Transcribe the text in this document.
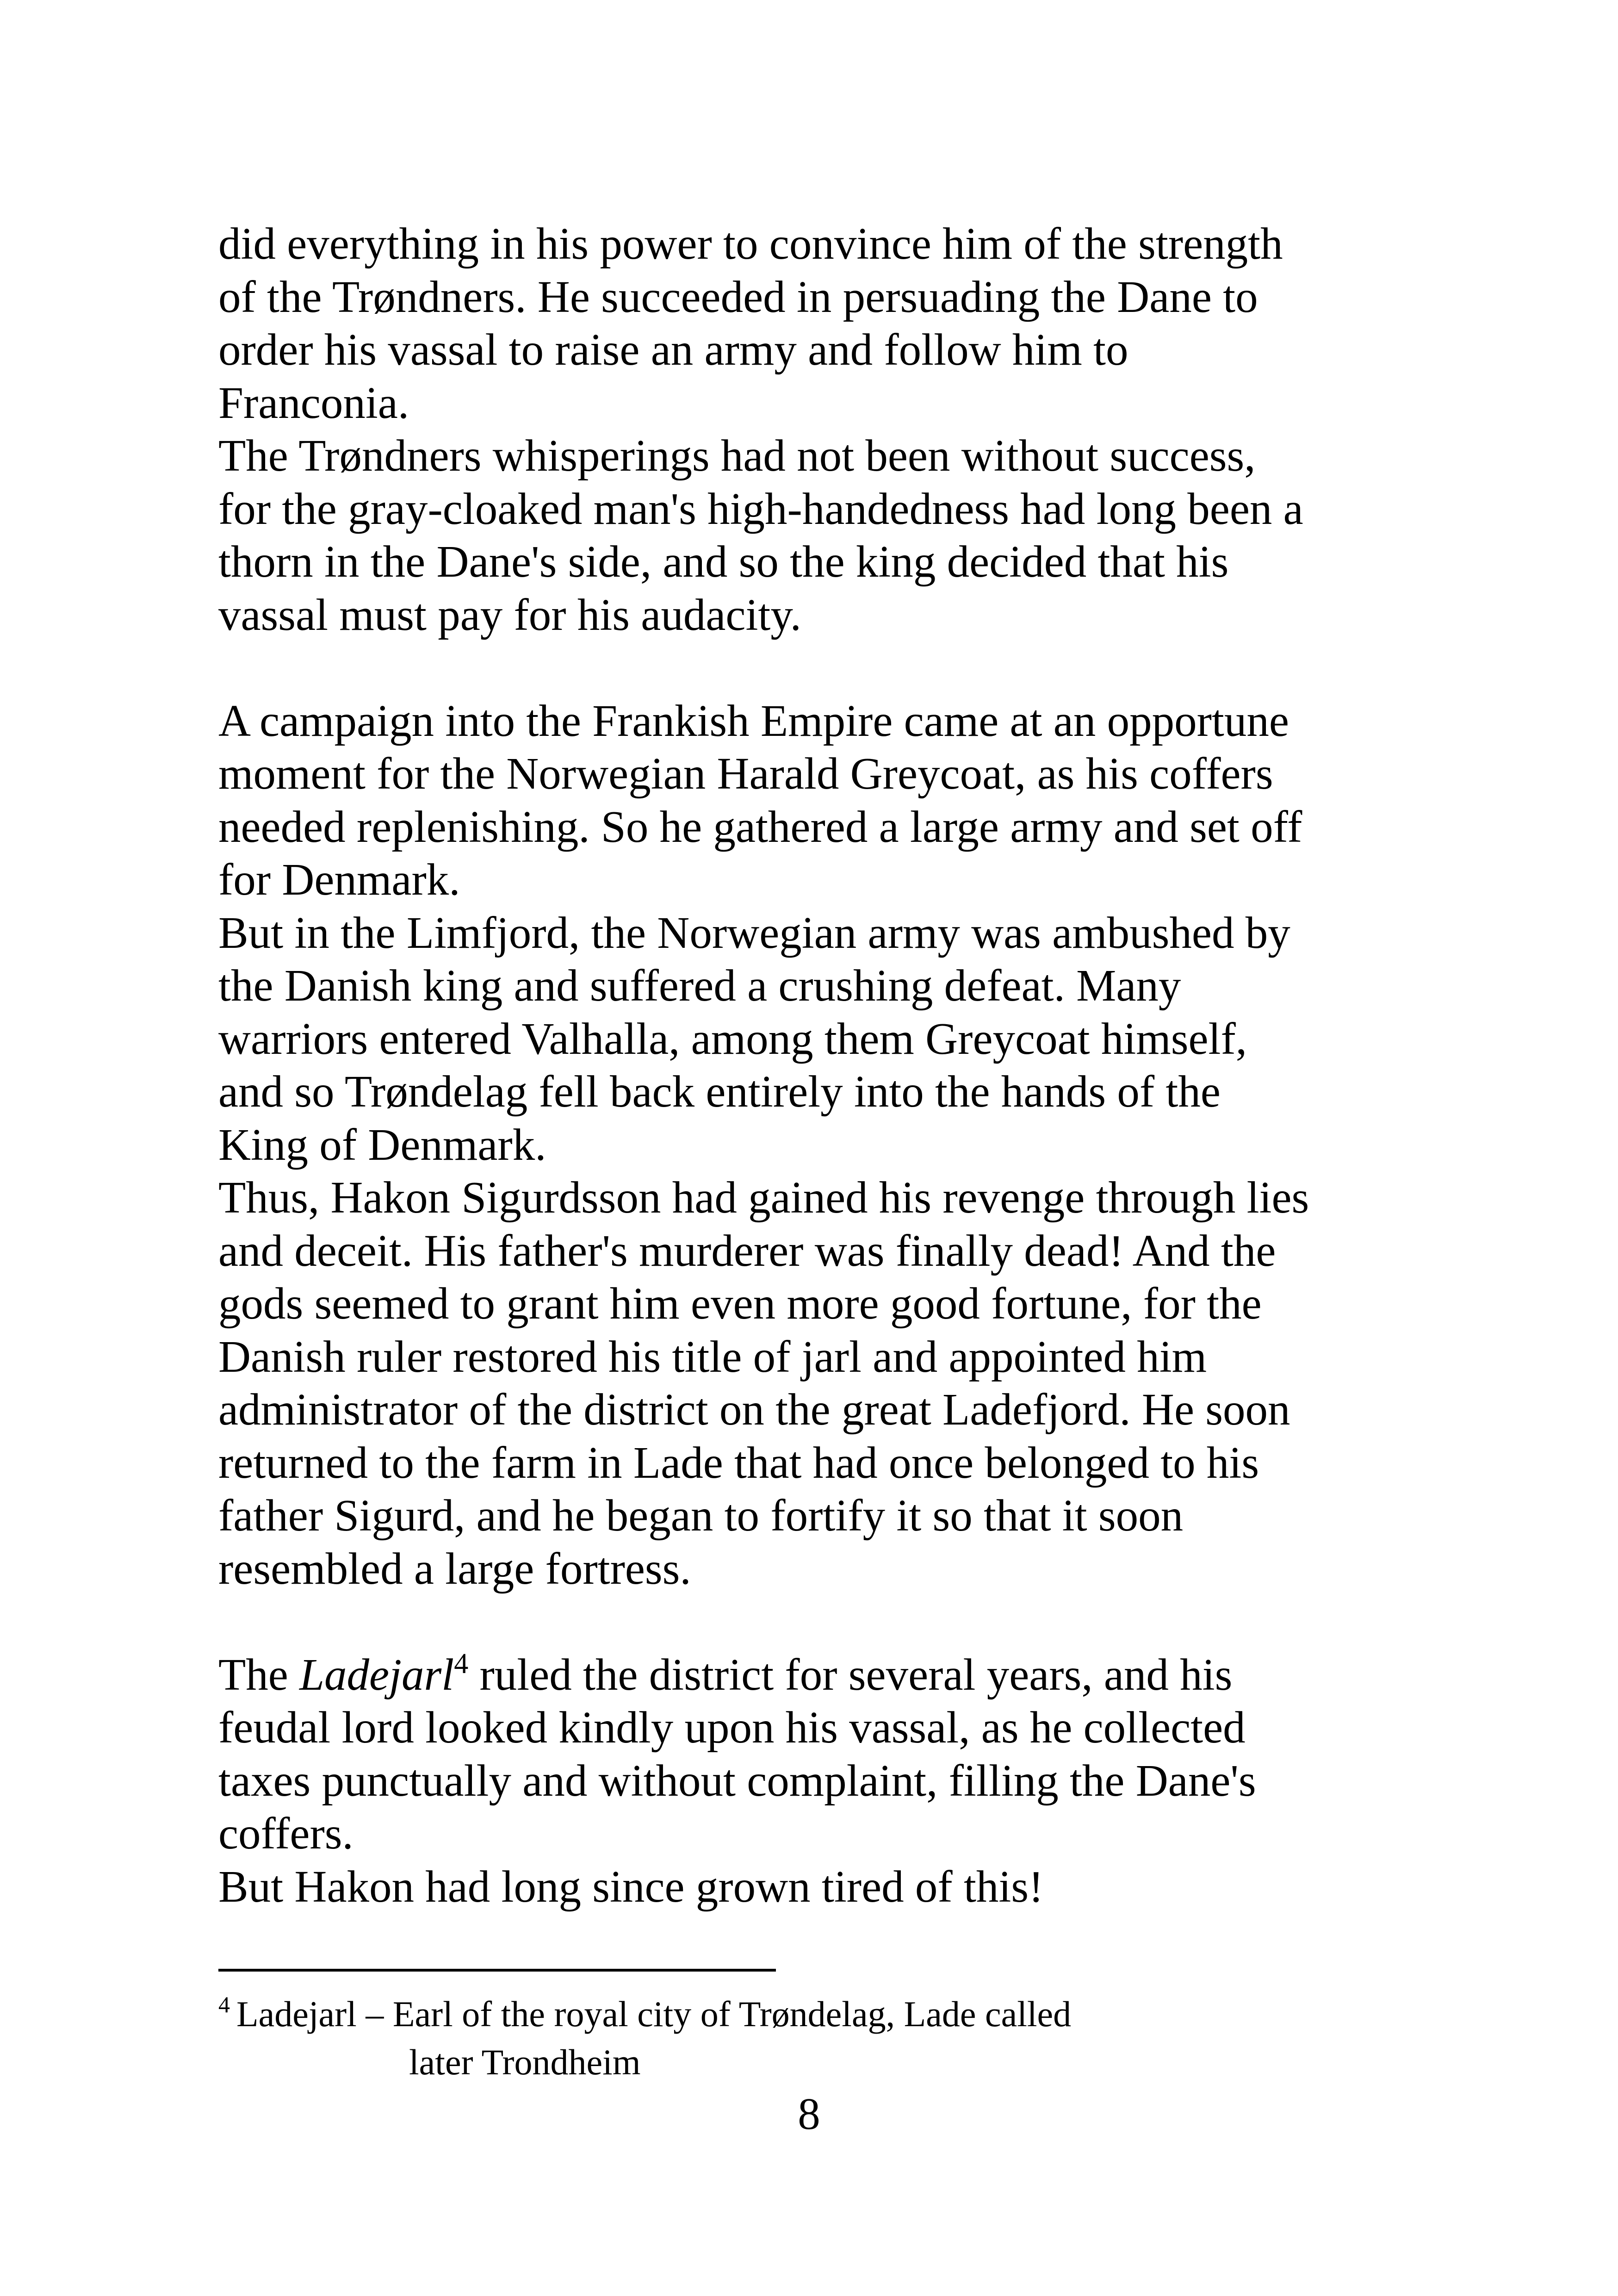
did everything in his power to convince him of the strength
of the Trøndners. He succeeded in persuading the Dane to
order his vassal to raise an army and follow him to
Franconia.
The Trøndners whisperings had not been without success,
for the gray-cloaked man's high-handedness had long been a
thorn in the Dane's side, and so the king decided that his
vassal must pay for his audacity.
A campaign into the Frankish Empire came at an opportune
moment for the Norwegian Harald Greycoat, as his coffers
needed replenishing. So he gathered a large army and set off
for Denmark.
But in the Limfjord, the Norwegian army was ambushed by
the Danish king and suffered a crushing defeat. Many
warriors entered Valhalla, among them Greycoat himself,
and so Trøndelag fell back entirely into the hands of the
King of Denmark.
Thus, Hakon Sigurdsson had gained his revenge through lies
and deceit. His father's murderer was finally dead! And the
gods seemed to grant him even more good fortune, for the
Danish ruler restored his title of jarl and appointed him
administrator of the district on the great Ladefjord. He soon
returned to the farm in Lade that had once belonged to his
father Sigurd, and he began to fortify it so that it soon
resembled a large fortress.
The Ladejarl$^4$ ruled the district for several years, and his
feudal lord looked kindly upon his vassal, as he collected
taxes punctually and without complaint, filling the Dane's
coffers.
But Hakon had long since grown tired of this!
$^4$ Ladejarl – Earl of the royal city of Trøndelag, Lade called
later Trondheim
8
